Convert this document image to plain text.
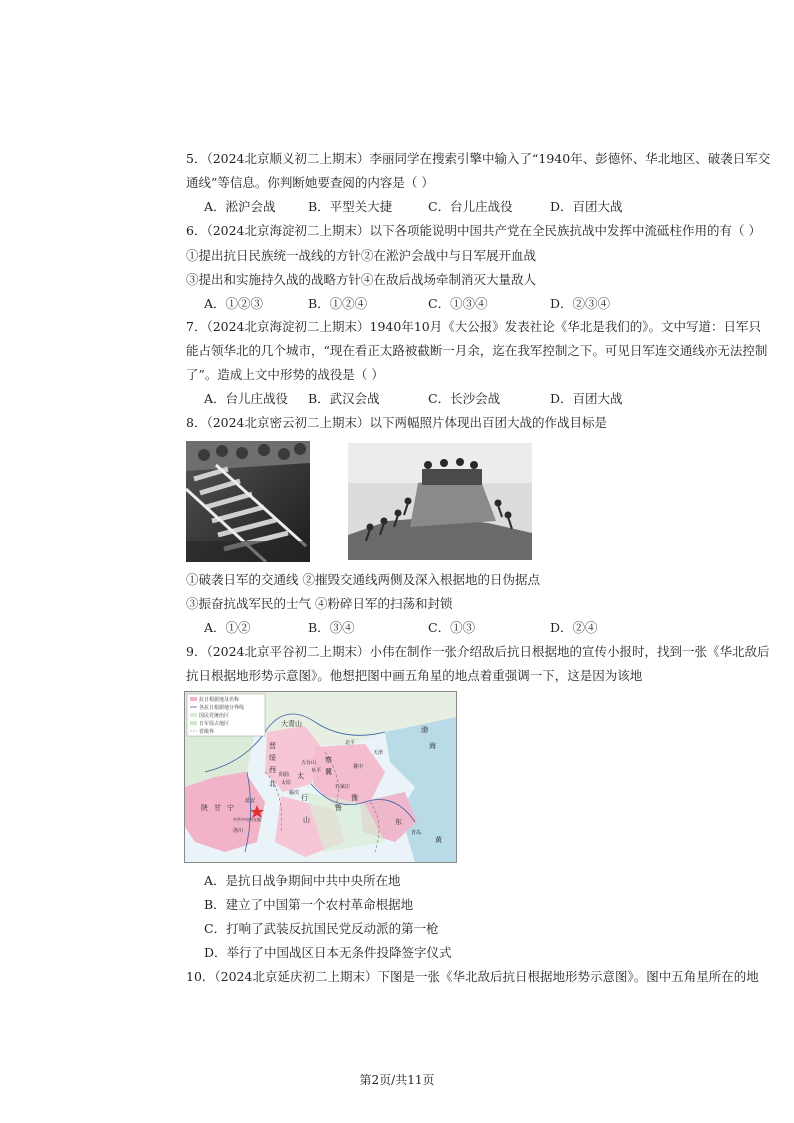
5．（2024北京顺义初二上期末）李丽同学在搜索引擎中输入了“1940年、彭德怀、华北地区、破袭日军交
通线”等信息。你判断她要查阅的内容是（ ）
A．淞沪会战	B．平型关大捷	C．台儿庄战役	D．百团大战
6．（2024北京海淀初二上期末）以下各项能说明中国共产党在全民族抗战中发挥中流砥柱作用的有（ ）
①提出抗日民族统一战线的方针②在淞沪会战中与日军展开血战
③提出和实施持久战的战略方针④在敌后战场牵制消灭大量敌人
A．①②③	B．①②④	C．①③④	D．②③④
7．（2024北京海淀初二上期末）1940年10月《大公报》发表社论《华北是我们的》。文中写道：日军只
能占领华北的几个城市，“现在看正太路被截断一月余，迄在我军控制之下。可见日军连交通线亦无法控制
了”。造成上文中形势的战役是（ ）
A．台儿庄战役 B．武汉会战	C．长沙会战	D．百团大战
8．（2024北京密云初二上期末）以下两幅照片体现出百团大战的作战目标是
①破袭日军的交通线 ②摧毁交通线两侧及深入根据地的日伪据点
③振奋抗战军民的士气 ④粉碎日军的扫荡和封锁
A．①②	B．③④	C．①③	D．②④
9．（2024北京平谷初二上期末）小伟在制作一张介绍敌后抗日根据地的宣传小报时，找到一张《华北敌后
抗日根据地形势示意图》。他想把图中画五角星的地点着重强调一下，这是因为该地
抗日根据地及名称
各抗日根据地分界线
国民党统治区
日军侵占地区
省级界
大青山
陕 甘 宁
延安
中共中央所在地
洛川
晋
绥
西
北
阳曲
太原
察
冀
五台山
阜平
北平
天津
冀中
石家庄
太
行
山
鲁
豫
东
青岛
榆次
渤
海
黄
A．是抗日战争期间中共中央所在地
B．建立了中国第一个农村革命根据地
C．打响了武装反抗国民党反动派的第一枪
D．举行了中国战区日本无条件投降签字仪式
10．（2024北京延庆初二上期末）下图是一张《华北敌后抗日根据地形势示意图》。图中五角星所在的地
第2页/共11页
